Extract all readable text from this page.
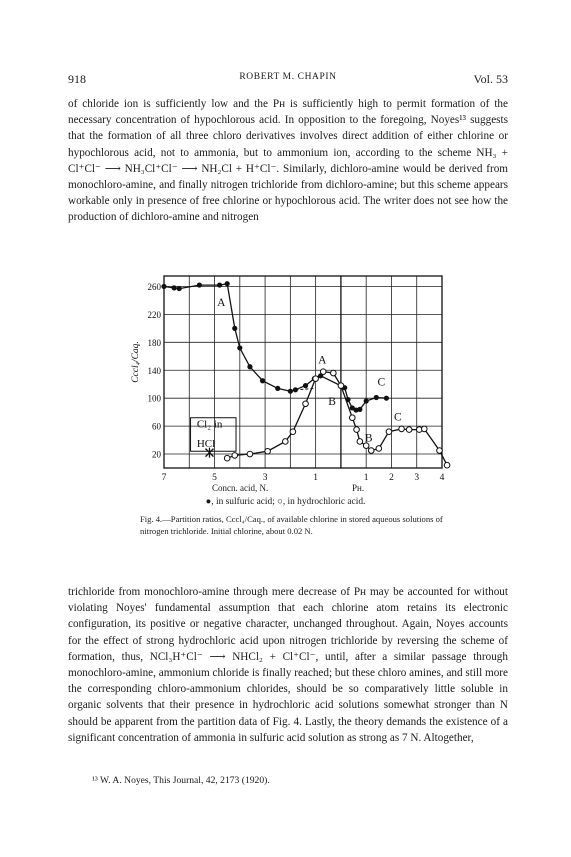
918	ROBERT M. CHAPIN	Vol. 53

of chloride ion is sufficiently low and the Pн is sufficiently high to permit formation of the necessary concentration of hypochlorous acid. In opposition to the foregoing, Noyes¹³ suggests that the formation of all three chloro derivatives involves direct addition of either chlorine or hypochlorous acid, not to ammonia, but to ammonium ion, according to the scheme NH₃ + Cl⁺Cl⁻ ⟶ NH₃Cl⁺Cl⁻ ⟶ NH₂Cl + H⁺Cl⁻. Similarly, dichloro-amine would be derived from monochloro-amine, and finally nitrogen trichloride from dichloro-amine; but this scheme appears workable only in presence of free chlorine or hypochlorous acid. The writer does not see how the production of dichloro-amine and nitrogen

260
220
180
140
100
60
20
7	5	3	1	1 2 3 4
Cccl₄/Caq.
A
A
B
C
B
C
Cl₂ in
HCl
Concn. acid, N.	Pн.

●, in sulfuric acid; ○, in hydrochloric acid.

Fig. 4.—Partition ratios, Cccl₄/Caq., of available chlorine in stored aqueous solutions of nitrogen trichloride. Initial chlorine, about 0.02 N.

trichloride from monochloro-amine through mere decrease of Pн may be accounted for without violating Noyes' fundamental assumption that each chlorine atom retains its electronic configuration, its positive or negative character, unchanged throughout. Again, Noyes accounts for the effect of strong hydrochloric acid upon nitrogen trichloride by reversing the scheme of formation, thus, NCl₃H⁺Cl⁻ ⟶ NHCl₂ + Cl⁺Cl⁻, until, after a similar passage through monochloro-amine, ammonium chloride is finally reached; but these chloro amines, and still more the corresponding chloro-ammonium chlorides, should be so comparatively little soluble in organic solvents that their presence in hydrochloric acid solutions somewhat stronger than N should be apparent from the partition data of Fig. 4. Lastly, the theory demands the existence of a significant concentration of ammonia in sulfuric acid solution as strong as 7 N. Altogether,

¹³ W. A. Noyes, This Journal, 42, 2173 (1920).
